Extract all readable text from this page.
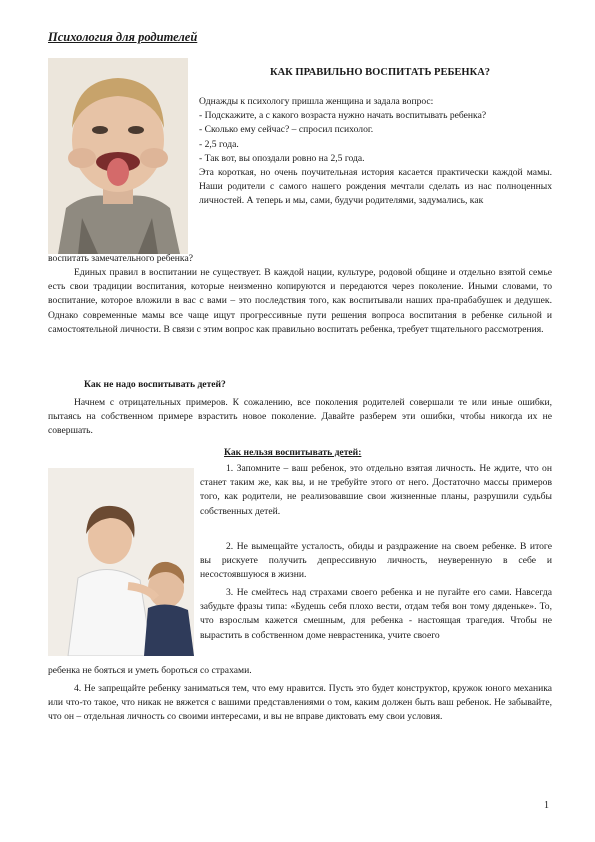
Психология для родителей
КАК ПРАВИЛЬНО ВОСПИТАТЬ РЕБЕНКА?

Однажды к психологу пришла женщина и задала вопрос:

- Подскажите, а с какого возраста нужно начать воспитывать ребенка?

- Сколько ему сейчас? – спросил психолог.

- 2,5 года.

- Так вот, вы опоздали ровно на 2,5 года.

Эта короткая, но очень поучительная история касается практически каждой мамы. Наши родители с самого нашего рождения мечтали сделать из нас полноценных личностей. А теперь и мы, сами, будучи родителями, задумались, как

воспитать замечательного ребенка?
Единых правил в воспитании не существует. В каждой нации, культуре, родовой общине и отдельно взятой семье есть свои традиции воспитания, которые неизменно копируются и передаются через поколение. Иными словами, то воспитание, которое вложили в вас с вами – это последствия того, как воспитывали наших пра-прабабушек и дедушек. Однако современные мамы все чаще ищут прогрессивные пути решения вопроса воспитания в ребенке сильной и самостоятельной личности. В связи с этим вопрос как правильно воспитать ребенка, требует тщательного рассмотрения.
Как не надо воспитывать детей?
Начнем с отрицательных примеров. К сожалению, все поколения родителей совершали те или иные ошибки, пытаясь на собственном примере взрастить новое поколение. Давайте разберем эти ошибки, чтобы никогда их не совершать.
Как нельзя воспитывать детей:
1. Запомните – ваш ребенок, это отдельно взятая личность. Не ждите, что он станет таким же, как вы, и не требуйте этого от него. Достаточно массы примеров того, как родители, не реализовавшие свои жизненные планы, разрушили судьбы собственных детей.
2. Не вымещайте усталость, обиды и раздражение на своем ребенке. В итоге вы рискуете получить депрессивную личность, неуверенную в себе и несостоявшуюся в жизни.
3. Не смейтесь над страхами своего ребенка и не пугайте его сами. Навсегда забудьте фразы типа: «Будешь себя плохо вести, отдам тебя вон тому дяденьке». То, что взрослым кажется смешным, для ребенка - настоящая трагедия. Чтобы не вырастить в собственном доме неврастеника, учите своего
ребенка не бояться и уметь бороться со страхами.
4. Не запрещайте ребенку заниматься тем, что ему нравится. Пусть это будет конструктор, кружок юного механика или что-то такое, что никак не вяжется с вашими представлениями о том, каким должен быть ваш ребенок. Не забывайте, что он – отдельная личность со своими интересами, и вы не вправе диктовать ему свои условия.
1
